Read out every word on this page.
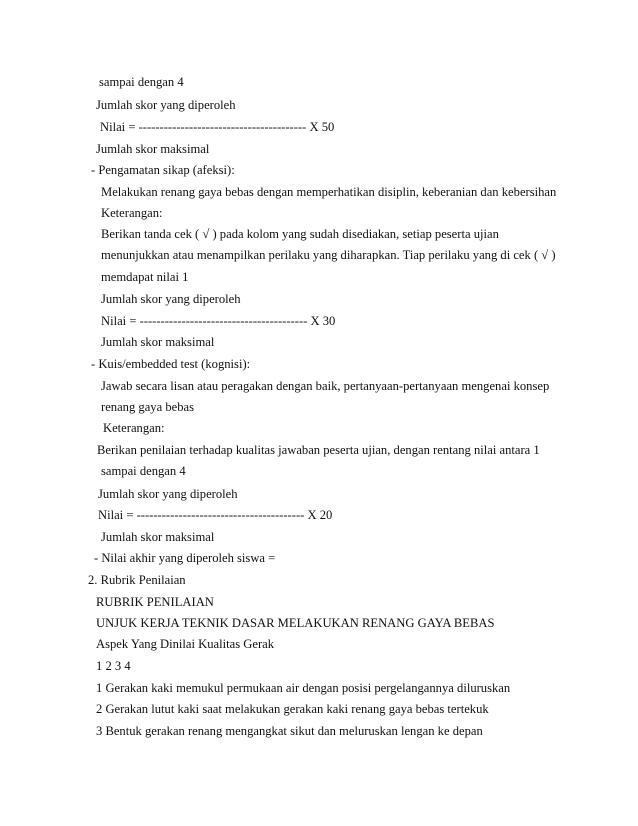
sampai dengan 4
Jumlah skor yang diperoleh
Nilai = ---------------------------------------- X 50
Jumlah skor maksimal
- Pengamatan sikap (afeksi):
Melakukan renang gaya bebas dengan memperhatikan disiplin, keberanian dan kebersihan
Keterangan:
Berikan tanda cek ( √ ) pada kolom yang sudah disediakan, setiap peserta ujian
menunjukkan atau menampilkan perilaku yang diharapkan. Tiap perilaku yang di cek ( √ )
memdapat nilai 1
Jumlah skor yang diperoleh
Nilai = ---------------------------------------- X 30
Jumlah skor maksimal
- Kuis/embedded test (kognisi):
Jawab secara lisan atau peragakan dengan baik, pertanyaan-pertanyaan mengenai konsep
renang gaya bebas
Keterangan:
Berikan penilaian terhadap kualitas jawaban peserta ujian, dengan rentang nilai antara 1
sampai dengan 4
Jumlah skor yang diperoleh
Nilai = ---------------------------------------- X 20
Jumlah skor maksimal
- Nilai akhir yang diperoleh siswa =
2. Rubrik Penilaian
RUBRIK PENILAIAN
UNJUK KERJA TEKNIK DASAR MELAKUKAN RENANG GAYA BEBAS
Aspek Yang Dinilai Kualitas Gerak
1 2 3 4
1 Gerakan kaki memukul permukaan air dengan posisi pergelangannya diluruskan
2 Gerakan lutut kaki saat melakukan gerakan kaki renang gaya bebas tertekuk
3 Bentuk gerakan renang mengangkat sikut dan meluruskan lengan ke depan
